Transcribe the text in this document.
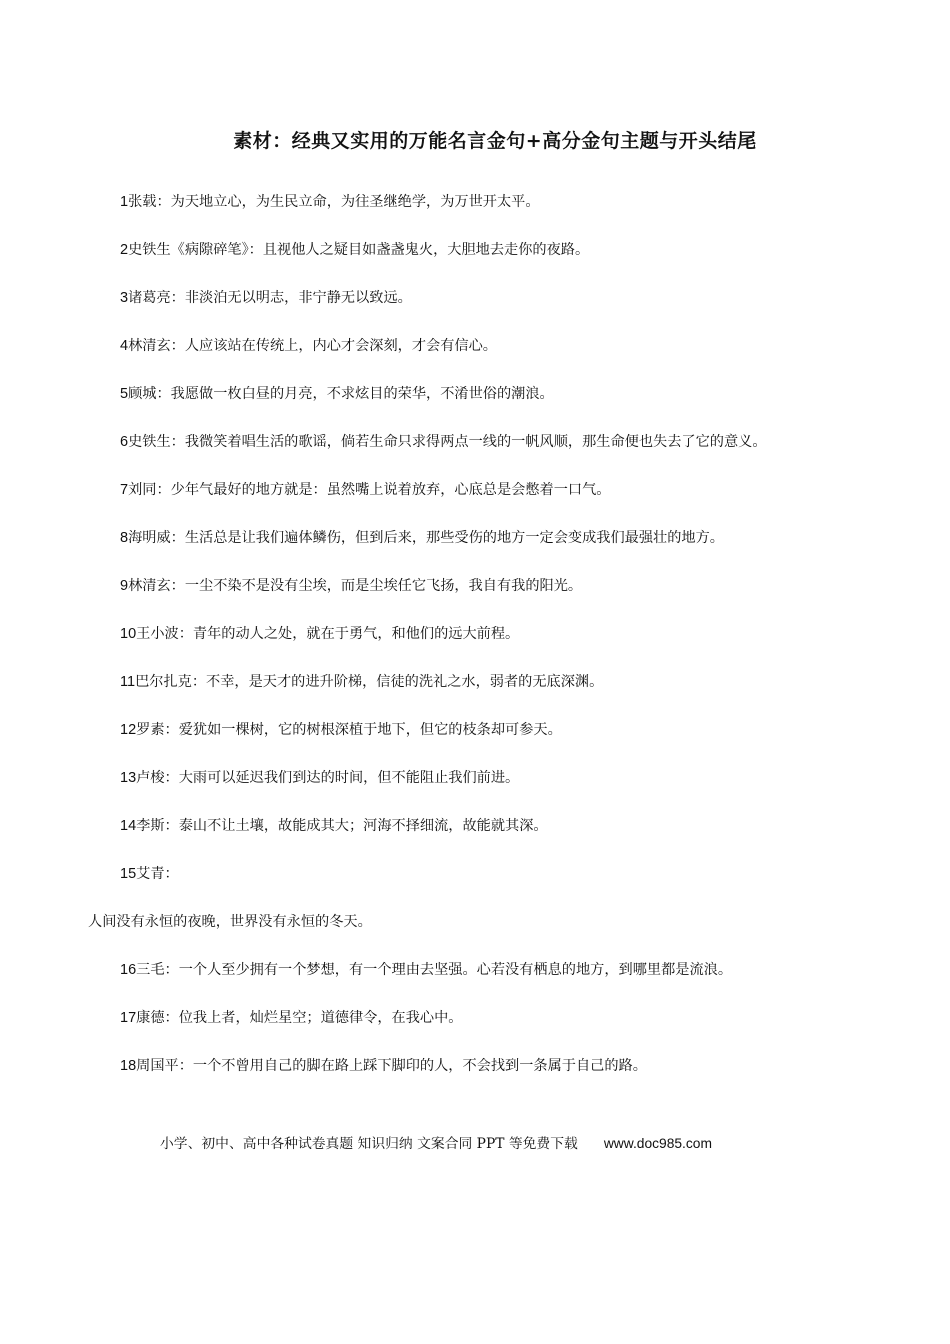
素材：经典又实用的万能名言金句+高分金句主题与开头结尾

1张载：为天地立心，为生民立命，为往圣继绝学，为万世开太平。

2史铁生《病隙碎笔》：且视他人之疑目如盏盏鬼火，大胆地去走你的夜路。

3诸葛亮：非淡泊无以明志，非宁静无以致远。

4林清玄：人应该站在传统上，内心才会深刻，才会有信心。

5顾城：我愿做一枚白昼的月亮，不求炫目的荣华，不淆世俗的潮浪。

6史铁生：我微笑着唱生活的歌谣，倘若生命只求得两点一线的一帆风顺，那生命便也失去了它的意义。

7刘同：少年气最好的地方就是：虽然嘴上说着放弃，心底总是会憋着一口气。

8海明威：生活总是让我们遍体鳞伤，但到后来，那些受伤的地方一定会变成我们最强壮的地方。

9林清玄：一尘不染不是没有尘埃，而是尘埃任它飞扬，我自有我的阳光。

10王小波：青年的动人之处，就在于勇气，和他们的远大前程。

11巴尔扎克：不幸，是天才的进升阶梯，信徒的洗礼之水，弱者的无底深渊。

12罗素：爱犹如一棵树，它的树根深植于地下，但它的枝条却可参天。

13卢梭：大雨可以延迟我们到达的时间，但不能阻止我们前进。

14李斯：泰山不让土壤，故能成其大；河海不择细流，故能就其深。

15艾青：

人间没有永恒的夜晚，世界没有永恒的冬天。

16三毛：一个人至少拥有一个梦想，有一个理由去坚强。心若没有栖息的地方，到哪里都是流浪。

17康德：位我上者，灿烂星空；道德律令，在我心中。

18周国平：一个不曾用自己的脚在路上踩下脚印的人，不会找到一条属于自己的路。

小学、初中、高中各种试卷真题 知识归纳 文案合同 PPT 等免费下载 www.doc985.com
